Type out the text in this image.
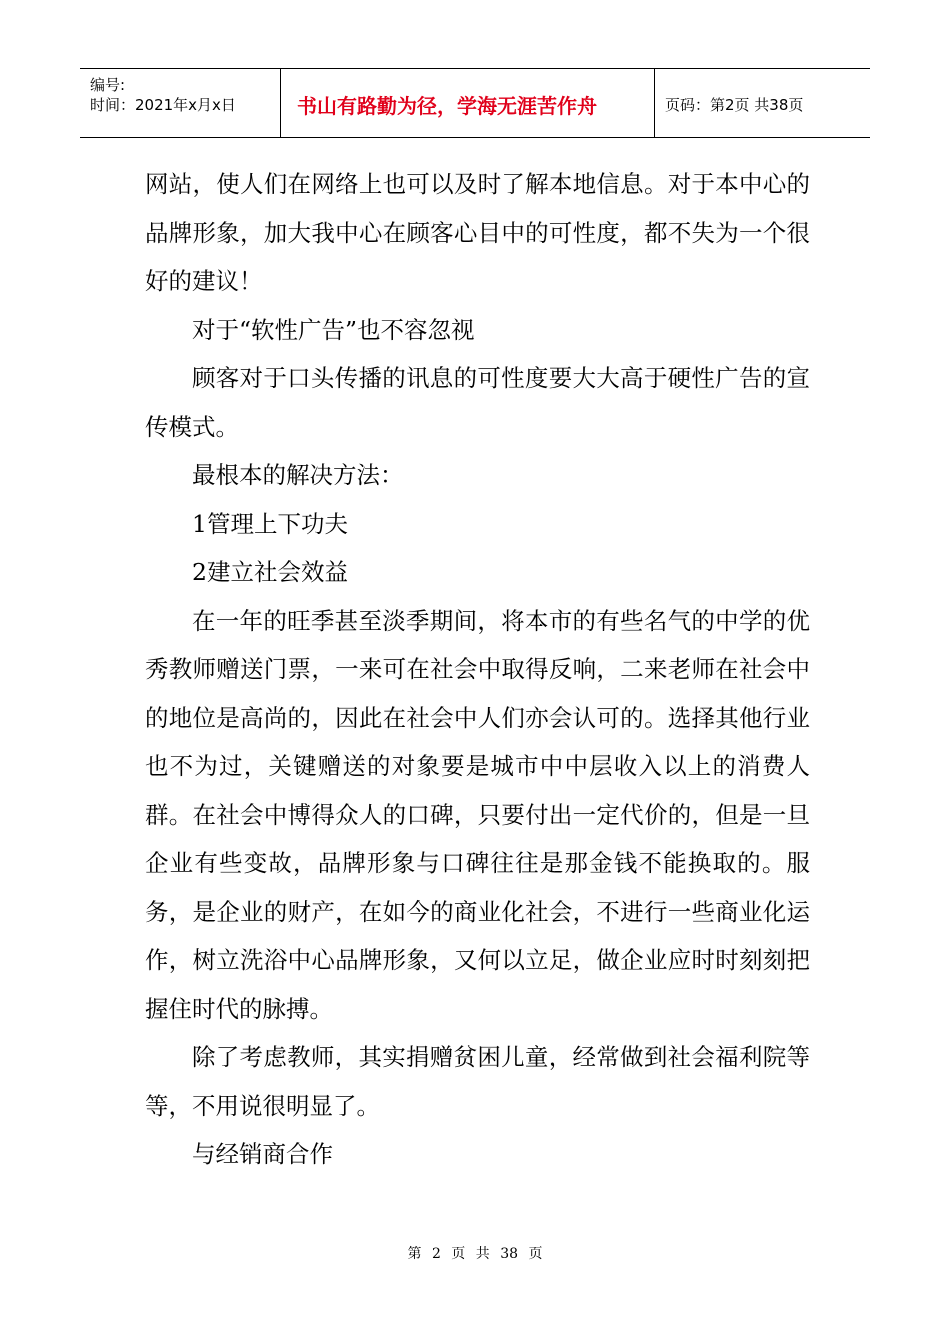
编号:
时间：2021年x月x日	书山有路勤为径，学海无涯苦作舟	页码：第2页 共38页

网站，使人们在网络上也可以及时了解本地信息。对于本中心的品牌形象，加大我中心在顾客心目中的可性度，都不失为一个很好的建议！

对于“软性广告”也不容忽视

顾客对于口头传播的讯息的可性度要大大高于硬性广告的宣传模式。

最根本的解决方法：

1管理上下功夫

2建立社会效益

在一年的旺季甚至淡季期间，将本市的有些名气的中学的优秀教师赠送门票，一来可在社会中取得反响，二来老师在社会中的地位是高尚的，因此在社会中人们亦会认可的。选择其他行业也不为过，关键赠送的对象要是城市中中层收入以上的消费人群。在社会中博得众人的口碑，只要付出一定代价的，但是一旦企业有些变故，品牌形象与口碑往往是那金钱不能换取的。服务，是企业的财产，在如今的商业化社会，不进行一些商业化运作，树立洗浴中心品牌形象，又何以立足，做企业应时时刻刻把握住时代的脉搏。

除了考虑教师，其实捐赠贫困儿童，经常做到社会福利院等等，不用说很明显了。

与经销商合作

第 2 页 共 38 页
